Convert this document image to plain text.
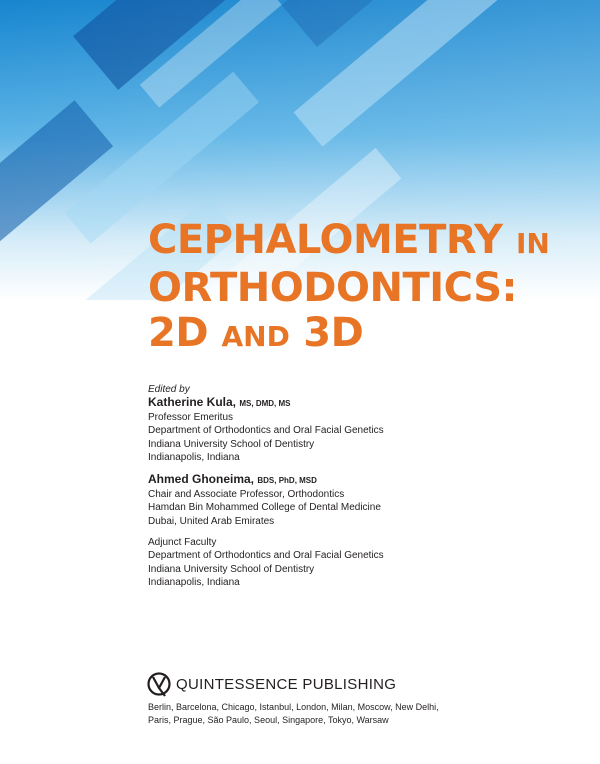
CEPHALOMETRY IN
ORTHODONTICS:
2D AND 3D
Edited by
Katherine Kula, MS, DMD, MS
Professor Emeritus
Department of Orthodontics and Oral Facial Genetics
Indiana University School of Dentistry
Indianapolis, Indiana
Ahmed Ghoneima, BDS, PhD, MSD
Chair and Associate Professor, Orthodontics
Hamdan Bin Mohammed College of Dental Medicine
Dubai, United Arab Emirates
Adjunct Faculty
Department of Orthodontics and Oral Facial Genetics
Indiana University School of Dentistry
Indianapolis, Indiana
QUINTESSENCE PUBLISHING
Berlin, Barcelona, Chicago, Istanbul, London, Milan, Moscow, New Delhi,
Paris, Prague, São Paulo, Seoul, Singapore, Tokyo, Warsaw
